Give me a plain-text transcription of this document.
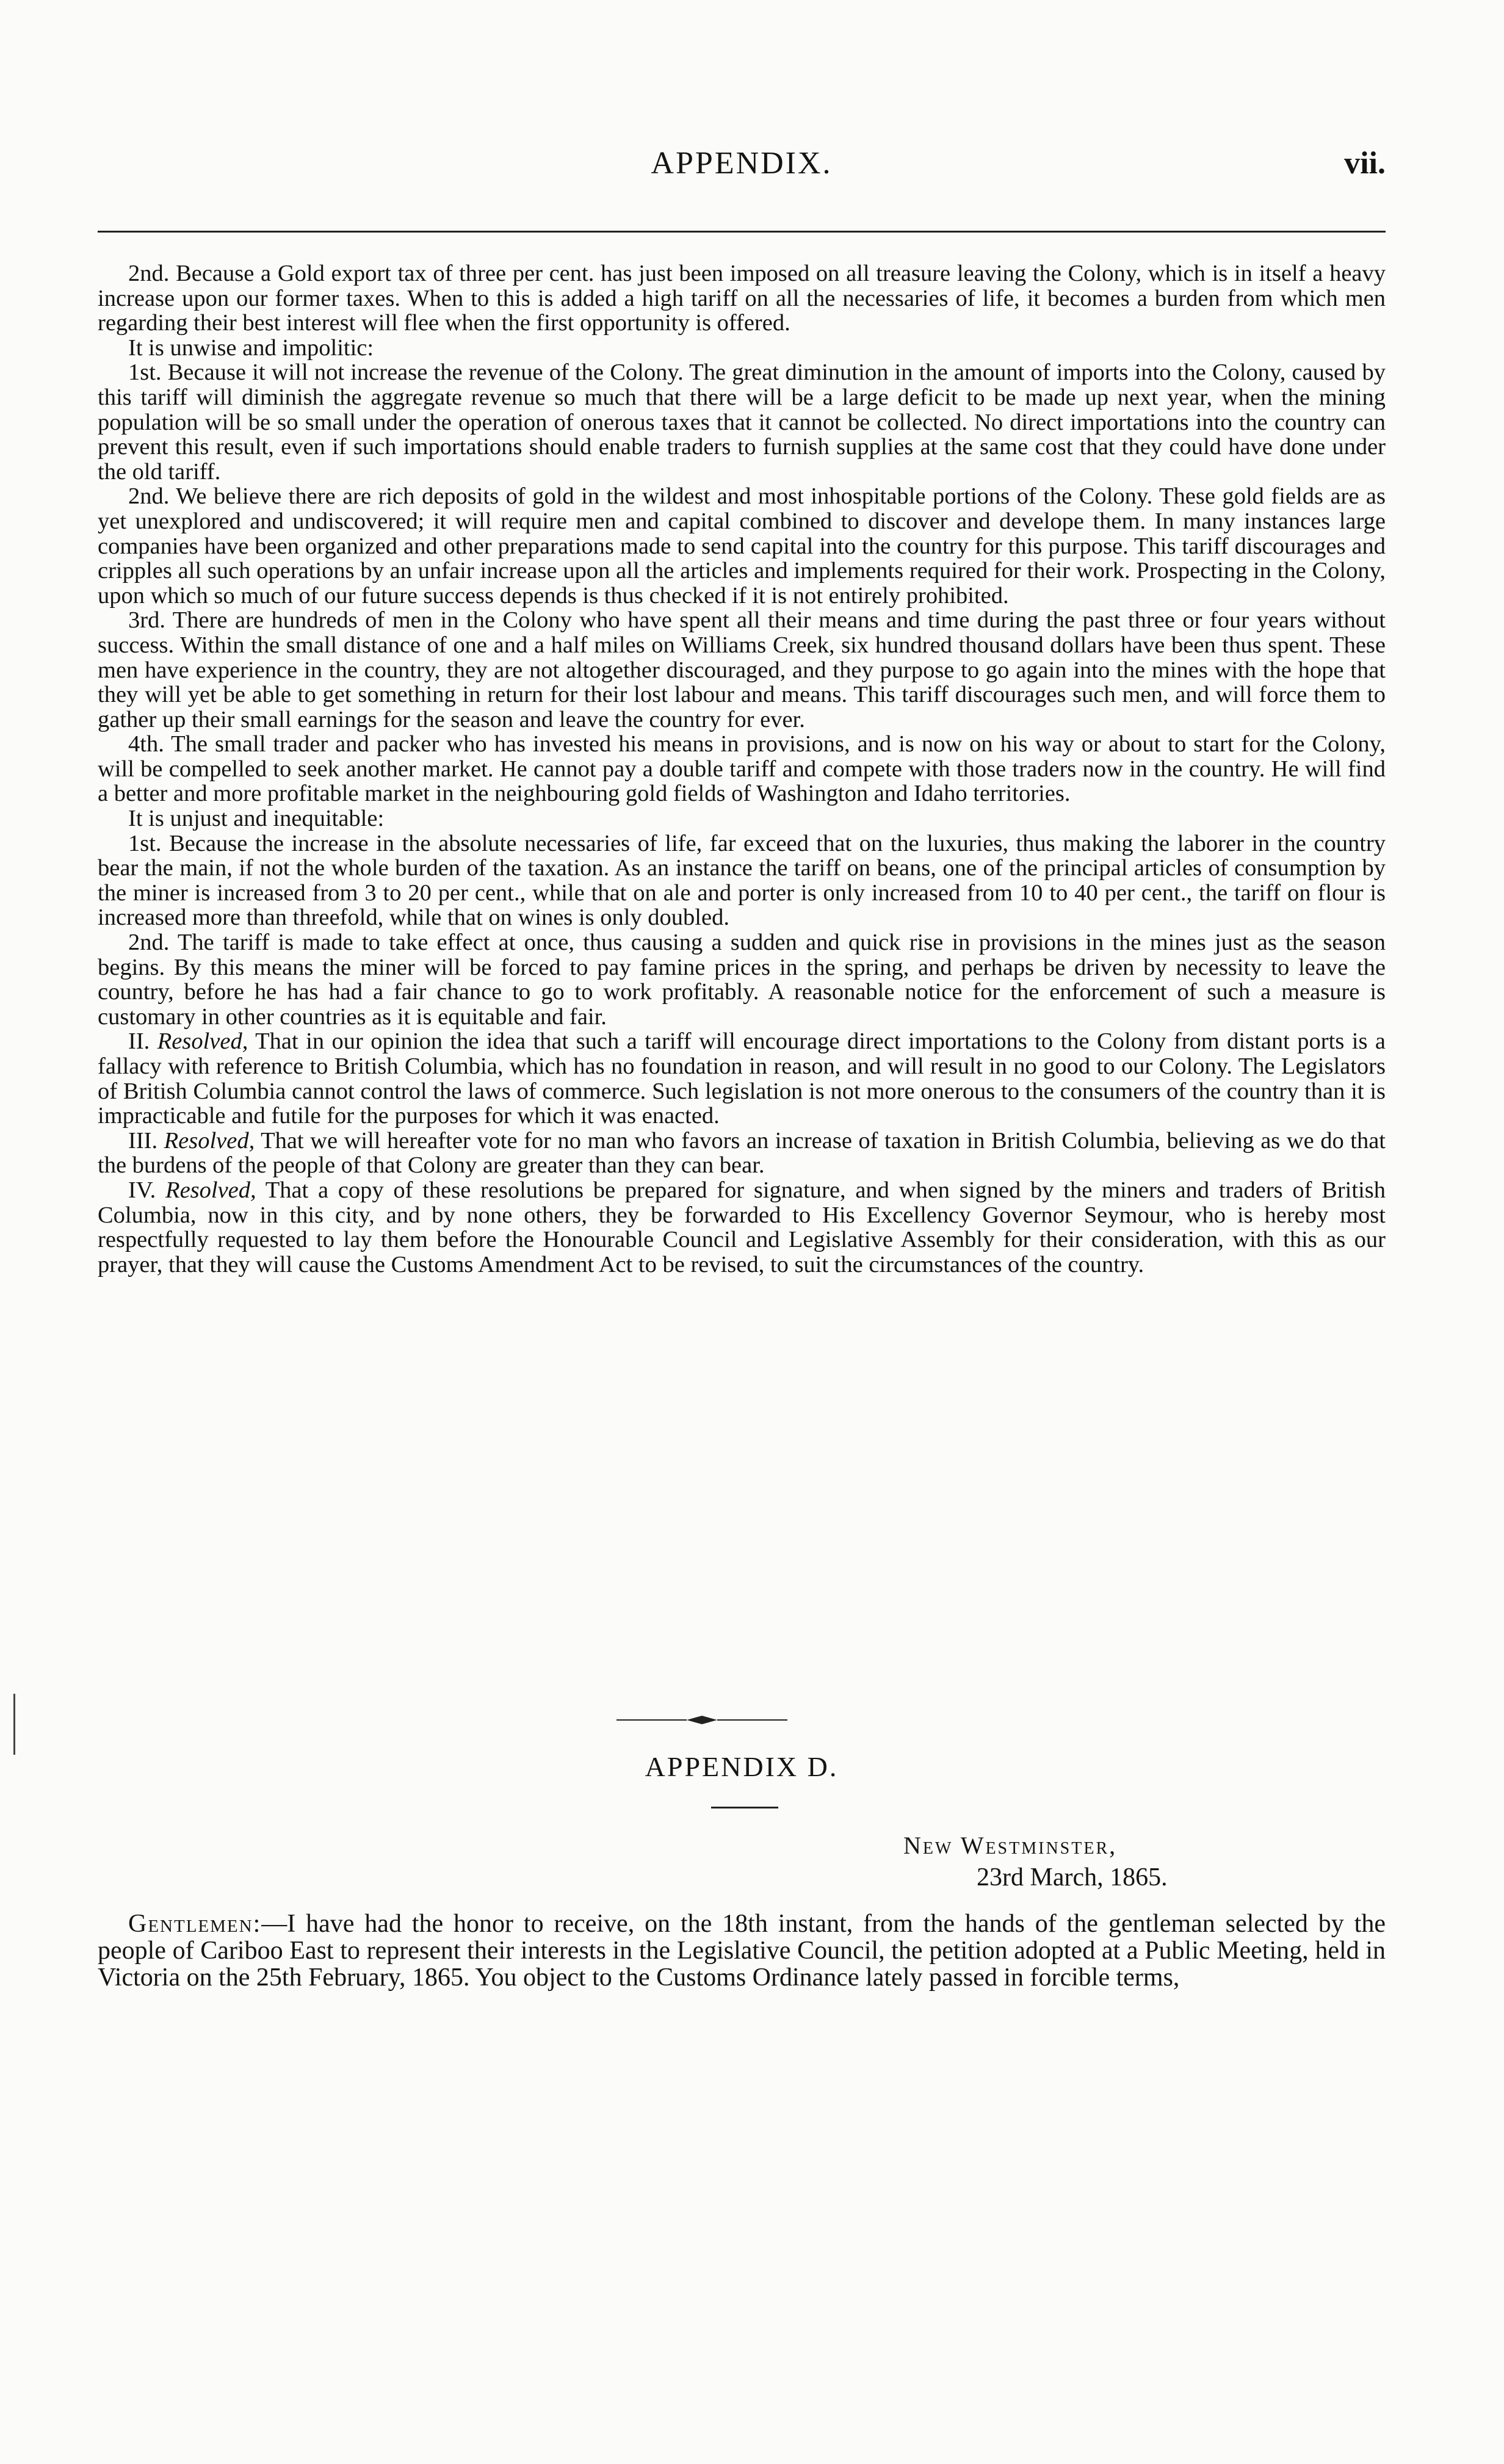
APPENDIX.	vii.

2nd. Because a Gold export tax of three per cent. has just been imposed on all treasure leaving the Colony, which is in itself a heavy increase upon our former taxes. When to this is added a high tariff on all the necessaries of life, it becomes a burden from which men regarding their best interest will flee when the first opportunity is offered.

It is unwise and impolitic:

1st. Because it will not increase the revenue of the Colony. The great diminution in the amount of imports into the Colony, caused by this tariff will diminish the aggregate revenue so much that there will be a large deficit to be made up next year, when the mining population will be so small under the operation of onerous taxes that it cannot be collected. No direct importations into the country can prevent this result, even if such importations should enable traders to furnish supplies at the same cost that they could have done under the old tariff.

2nd. We believe there are rich deposits of gold in the wildest and most inhospitable portions of the Colony. These gold fields are as yet unexplored and undiscovered; it will require men and capital combined to discover and develope them. In many instances large companies have been organized and other preparations made to send capital into the country for this purpose. This tariff discourages and cripples all such operations by an unfair increase upon all the articles and implements required for their work. Prospecting in the Colony, upon which so much of our future success depends is thus checked if it is not entirely prohibited.

3rd. There are hundreds of men in the Colony who have spent all their means and time during the past three or four years without success. Within the small distance of one and a half miles on Williams Creek, six hundred thousand dollars have been thus spent. These men have experience in the country, they are not altogether discouraged, and they purpose to go again into the mines with the hope that they will yet be able to get something in return for their lost labour and means. This tariff discourages such men, and will force them to gather up their small earnings for the season and leave the country for ever.

4th. The small trader and packer who has invested his means in provisions, and is now on his way or about to start for the Colony, will be compelled to seek another market. He cannot pay a double tariff and compete with those traders now in the country. He will find a better and more profitable market in the neighbouring gold fields of Washington and Idaho territories.

It is unjust and inequitable:

1st. Because the increase in the absolute necessaries of life, far exceed that on the luxuries, thus making the laborer in the country bear the main, if not the whole burden of the taxation. As an instance the tariff on beans, one of the principal articles of consumption by the miner is increased from 3 to 20 per cent., while that on ale and porter is only increased from 10 to 40 per cent., the tariff on flour is increased more than threefold, while that on wines is only doubled.

2nd. The tariff is made to take effect at once, thus causing a sudden and quick rise in provisions in the mines just as the season begins. By this means the miner will be forced to pay famine prices in the spring, and perhaps be driven by necessity to leave the country, before he has had a fair chance to go to work profitably. A reasonable notice for the enforcement of such a measure is customary in other countries as it is equitable and fair.

II. Resolved, That in our opinion the idea that such a tariff will encourage direct importations to the Colony from distant ports is a fallacy with reference to British Columbia, which has no foundation in reason, and will result in no good to our Colony. The Legislators of British Columbia cannot control the laws of commerce. Such legislation is not more onerous to the consumers of the country than it is impracticable and futile for the purposes for which it was enacted.

III. Resolved, That we will hereafter vote for no man who favors an increase of taxation in British Columbia, believing as we do that the burdens of the people of that Colony are greater than they can bear.

IV. Resolved, That a copy of these resolutions be prepared for signature, and when signed by the miners and traders of British Columbia, now in this city, and by none others, they be forwarded to His Excellency Governor Seymour, who is hereby most respectfully requested to lay them before the Honourable Council and Legislative Assembly for their consideration, with this as our prayer, that they will cause the Customs Amendment Act to be revised, to suit the circumstances of the country.

APPENDIX D.
New Westminster,
23rd March, 1865.

Gentlemen:—I have had the honor to receive, on the 18th instant, from the hands of the gentleman selected by the people of Cariboo East to represent their interests in the Legislative Council, the petition adopted at a Public Meeting, held in Victoria on the 25th February, 1865. You object to the Customs Ordinance lately passed in forcible terms,
